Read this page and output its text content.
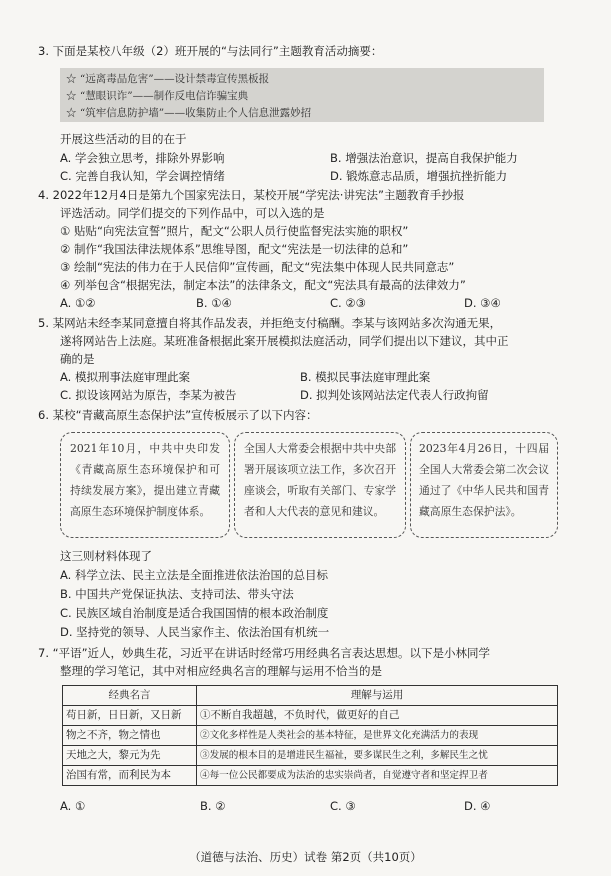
3. 下面是某校八年级（2）班开展的“与法同行”主题教育活动摘要：
☆ “远离毒品危害”——设计禁毒宣传黑板报
☆ “慧眼识诈”——制作反电信诈骗宝典
☆ “筑牢信息防护墙”——收集防止个人信息泄露妙招
开展这些活动的目的在于
A. 学会独立思考，排除外界影响	B. 增强法治意识，提高自我保护能力
C. 完善自我认知，学会调控情绪	D. 锻炼意志品质，增强抗挫折能力
4. 2022年12月4日是第九个国家宪法日，某校开展“学宪法·讲宪法”主题教育手抄报
评选活动。同学们提交的下列作品中，可以入选的是
① 贴贴“向宪法宣誓”照片，配文“公职人员行使监督宪法实施的职权”
② 制作“我国法律法规体系”思维导图，配文“宪法是一切法律的总和”
③ 绘制“宪法的伟力在于人民信仰”宣传画，配文“宪法集中体现人民共同意志”
④ 列举包含“根据宪法，制定本法”的法律条文，配文“宪法具有最高的法律效力”
A. ①②	B. ①④	C. ②③	D. ③④
5. 某网站未经李某同意擅自将其作品发表，并拒绝支付稿酬。李某与该网站多次沟通无果，
遂将网站告上法庭。某班准备根据此案开展模拟法庭活动，同学们提出以下建议，其中正
确的是
A. 模拟刑事法庭审理此案	B. 模拟民事法庭审理此案
C. 拟设该网站为原告，李某为被告	D. 拟判处该网站法定代表人行政拘留
6. 某校“青藏高原生态保护法”宣传板展示了以下内容：
2021年10月，中共中央印发《青藏高原生态环境保护和可持续发展方案》，提出建立青藏高原生态环境保护制度体系。
全国人大常委会根据中共中央部署开展该项立法工作，多次召开座谈会，听取有关部门、专家学者和人大代表的意见和建议。
2023年4月26日，十四届全国人大常委会第二次会议通过了《中华人民共和国青藏高原生态保护法》。
这三则材料体现了
A. 科学立法、民主立法是全面推进依法治国的总目标
B. 中国共产党保证执法、支持司法、带头守法
C. 民族区域自治制度是适合我国国情的根本政治制度
D. 坚持党的领导、人民当家作主、依法治国有机统一
7. “平语”近人，妙典生花，习近平在讲话时经常巧用经典名言表达思想。以下是小林同学
整理的学习笔记，其中对相应经典名言的理解与运用不恰当的是
经典名言	理解与运用
苟日新，日日新，又日新	①不断自我超越，不负时代，做更好的自己
物之不齐，物之情也	②文化多样性是人类社会的基本特征，是世界文化充满活力的表现
天地之大，黎元为先	③发展的根本目的是增进民生福祉，要多谋民生之利，多解民生之忧
治国有常，而利民为本	④每一位公民都要成为法治的忠实崇尚者，自觉遵守者和坚定捍卫者
A. ①	B. ②	C. ③	D. ④
（道德与法治、历史）试卷 第2页（共10页）
